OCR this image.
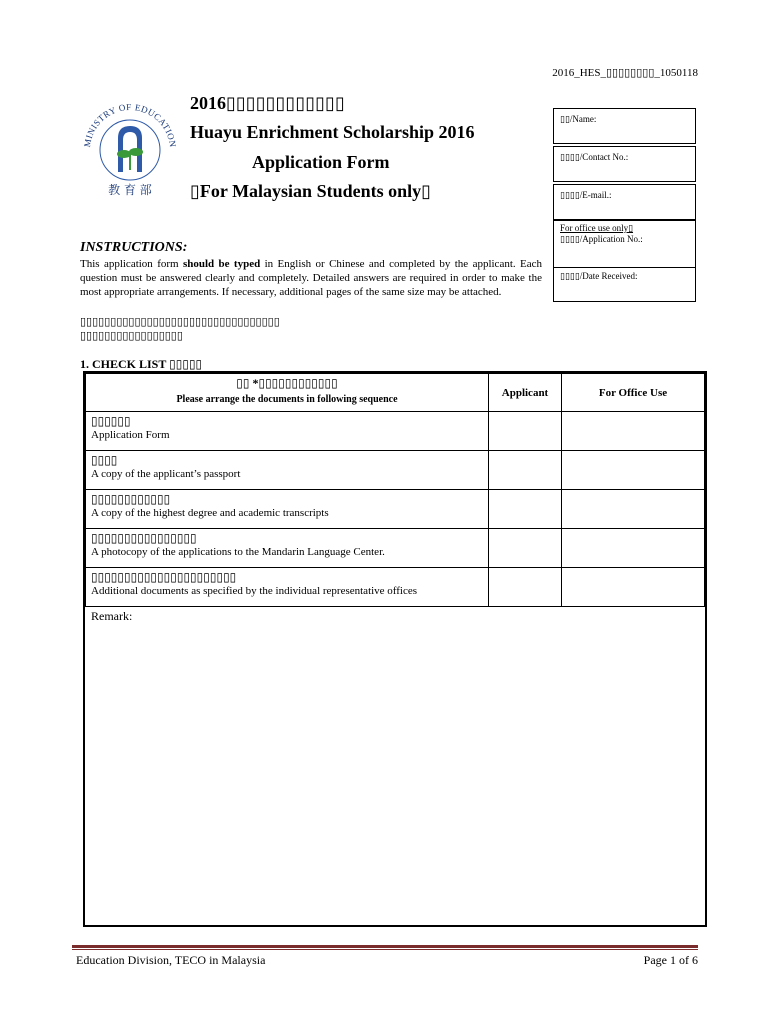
2016_HES_▯▯▯▯▯▯▯▯_1050118
MINISTRY OF EDUCATION
教 育 部
2016▯▯▯▯▯▯▯▯▯▯▯▯
Huayu Enrichment Scholarship 2016
Application Form
▯For Malaysian Students only▯
▯▯/Name:
▯▯▯▯/Contact No.:
▯▯▯▯/E-mail.:
For office use only▯
▯▯▯▯/Application No.:
▯▯▯▯/Date Received:
INSTRUCTIONS:
This application form should be typed in English or Chinese and completed by the applicant. Each question must be answered clearly and completely. Detailed answers are required in order to make the most appropriate arrangements. If necessary, additional pages of the same size may be attached.
▯▯▯▯▯▯▯▯▯▯▯▯▯▯▯▯▯▯▯▯▯▯▯▯▯▯▯▯▯▯▯▯▯
▯▯▯▯▯▯▯▯▯▯▯▯▯▯▯▯▯
1. CHECK LIST ▯▯▯▯▯
▯▯ *▯▯▯▯▯▯▯▯▯▯▯▯
Please arrange the documents in following sequence	Applicant	For Office Use

▯▯▯▯▯▯
Application Form		

▯▯▯▯
A copy of the applicant’s passport		

▯▯▯▯▯▯▯▯▯▯▯▯
A copy of the highest degree and academic transcripts		

▯▯▯▯▯▯▯▯▯▯▯▯▯▯▯▯
A photocopy of the applications to the Mandarin Language Center.		

▯▯▯▯▯▯▯▯▯▯▯▯▯▯▯▯▯▯▯▯▯▯
Additional documents as specified by the individual representative offices		
Remark:
Education Division, TECO in Malaysia	Page 1 of 6
